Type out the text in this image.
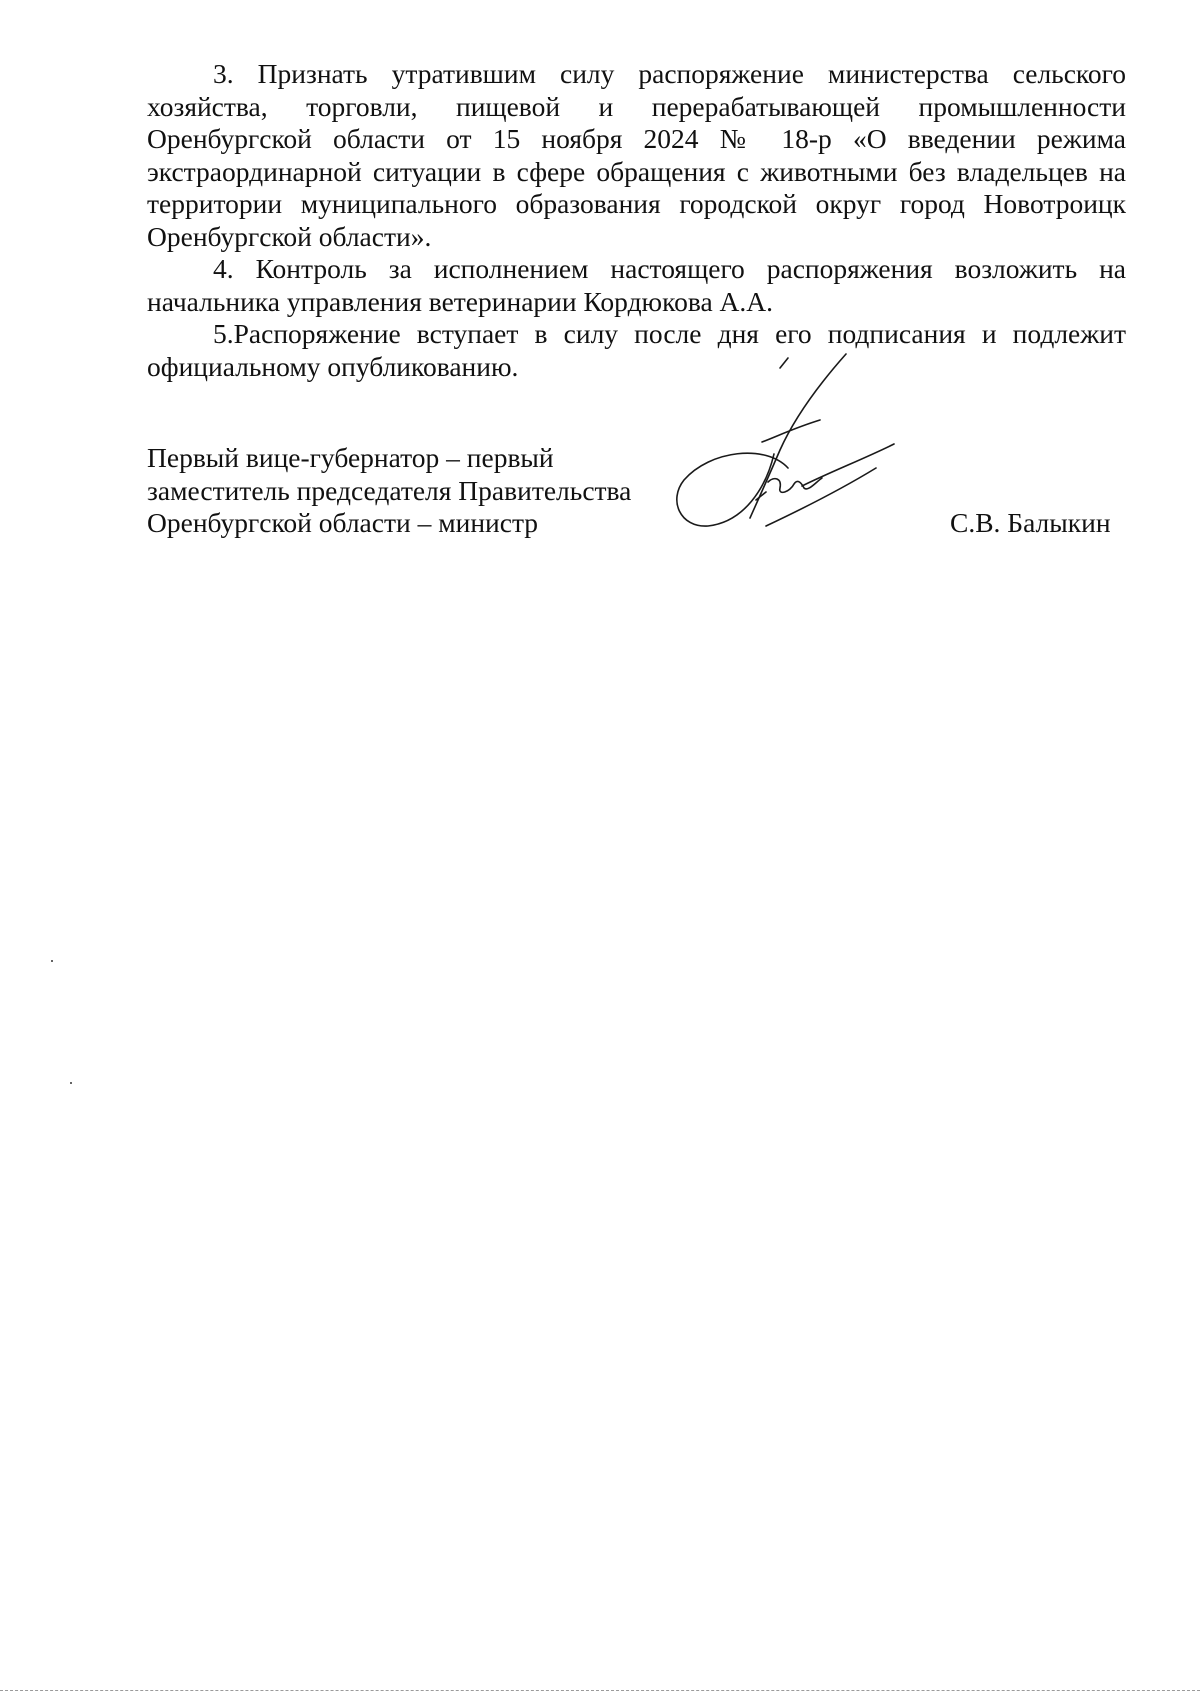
3. Признать утратившим силу распоряжение министерства сельского хозяйства, торговли, пищевой и перерабатывающей промышленности Оренбургской области от 15 ноября 2024 № 18-р «О введении режима экстраординарной ситуации в сфере обращения с животными без владельцев на территории муниципального образования городской округ город Новотроицк Оренбургской области».

4. Контроль за исполнением настоящего распоряжения возложить на начальника управления ветеринарии Кордюкова А.А.

5.Распоряжение вступает в силу после дня его подписания и подлежит официальному опубликованию.

Первый вице-губернатор – первый
заместитель председателя Правительства
Оренбургской области – министр	С.В. Балыкин
